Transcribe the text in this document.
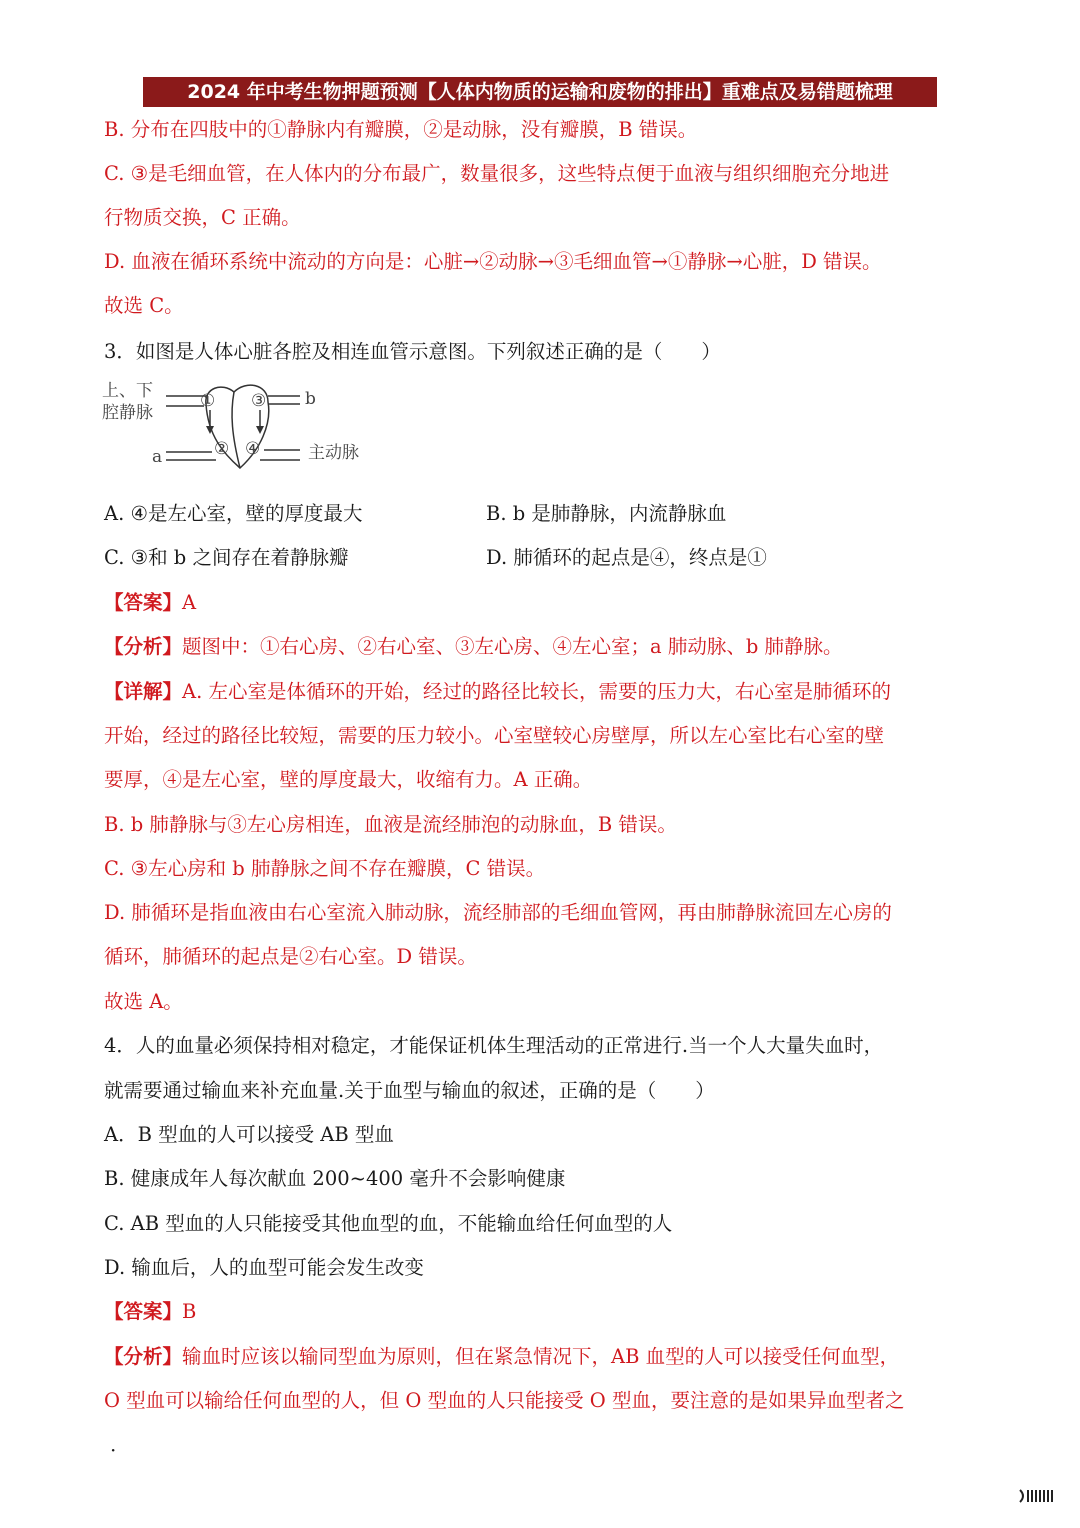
2024 年中考生物押题预测【人体内物质的运输和废物的排出】重难点及易错题梳理
B. 分布在四肢中的①静脉内有瓣膜，②是动脉，没有瓣膜，B 错误。
C. ③是毛细血管，在人体内的分布最广，数量很多，这些特点便于血液与组织细胞充分地进
行物质交换，C 正确。
D. 血液在循环系统中流动的方向是：心脏→②动脉→③毛细血管→①静脉→心脏，D 错误。
故选 C。
3．如图是人体心脏各腔及相连血管示意图。下列叙述正确的是（　　）
上、下
腔静脉
a
b
主动脉
①
②
③
④
A. ④是左心室，壁的厚度最大	B. b 是肺静脉，内流静脉血
C. ③和 b 之间存在着静脉瓣	D. 肺循环的起点是④，终点是①
【答案】A
【分析】题图中：①右心房、②右心室、③左心房、④左心室；a 肺动脉、b 肺静脉。
【详解】A. 左心室是体循环的开始，经过的路径比较长，需要的压力大，右心室是肺循环的
开始，经过的路径比较短，需要的压力较小。心室壁较心房壁厚，所以左心室比右心室的壁
要厚，④是左心室，壁的厚度最大，收缩有力。A 正确。
B. b 肺静脉与③左心房相连，血液是流经肺泡的动脉血，B 错误。
C. ③左心房和 b 肺静脉之间不存在瓣膜，C 错误。
D. 肺循环是指血液由右心室流入肺动脉，流经肺部的毛细血管网，再由肺静脉流回左心房的
循环，肺循环的起点是②右心室。D 错误。
故选 A。
4．人的血量必须保持相对稳定，才能保证机体生理活动的正常进行.当一个人大量失血时，
就需要通过输血来补充血量.关于血型与输血的叙述，正确的是（　　）
A．B 型血的人可以接受 AB 型血
B. 健康成年人每次献血 200~400 毫升不会影响健康
C. AB 型血的人只能接受其他血型的血，不能输血给任何血型的人
D. 输血后，人的血型可能会发生改变
【答案】B
【分析】输血时应该以输同型血为原则，但在紧急情况下，AB 血型的人可以接受任何血型，
O 型血可以输给任何血型的人，但 O 型血的人只能接受 O 型血，要注意的是如果异血型者之
·
